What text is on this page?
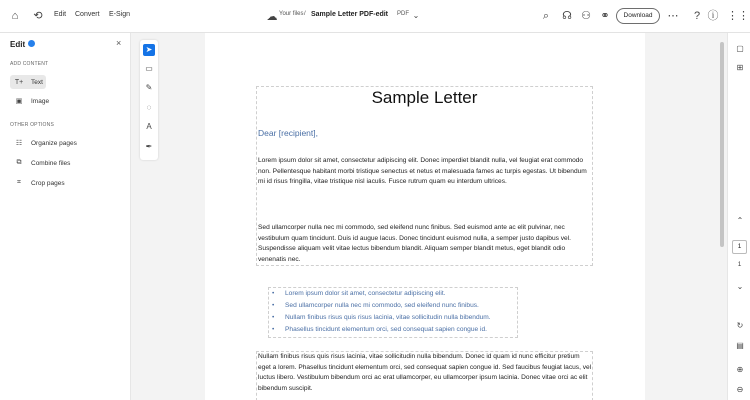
⌂	⟲	Edit Convert E-Sign	☁ Your files / Sample Letter PDF-edit PDF ⌄	⌕	☊ ⚇ ⚭	Download	⋯	? ⓘ ⋮⋮
Edit	×
ADD CONTENT
T+ Text
▣	Image
OTHER OPTIONS
☷	Organize pages
⧉	Combine files
⌗	Crop pages
➤
▭
✎
◌
A
✒
Sample Letter
Dear [recipient],
Lorem ipsum dolor sit amet, consectetur adipiscing elit. Donec imperdiet blandit nulla, vel feugiat erat commodo non. Pellentesque habitant morbi tristique senectus et netus et malesuada fames ac turpis egestas. Ut bibendum mi id risus fringilla, vitae tristique nisl iaculis. Fusce rutrum quam eu interdum ultrices.
Sed ullamcorper nulla nec mi commodo, sed eleifend nunc finibus. Sed euismod ante ac elit pulvinar, nec vestibulum quam tincidunt. Duis id augue lacus. Donec tincidunt euismod nulla, a semper justo dapibus vel. Suspendisse aliquam velit vitae lectus bibendum blandit. Aliquam semper blandit metus, eget blandit odio venenatis nec.
• Lorem ipsum dolor sit amet, consectetur adipiscing elit.
• Sed ullamcorper nulla nec mi commodo, sed eleifend nunc finibus.
• Nullam finibus risus quis risus lacinia, vitae sollicitudin nulla bibendum.
• Phasellus tincidunt elementum orci, sed consequat sapien congue id.
Nullam finibus risus quis risus lacinia, vitae sollicitudin nulla bibendum. Donec id quam id nunc efficitur pretium eget a lorem. Phasellus tincidunt elementum orci, sed consequat sapien congue id. Sed faucibus feugiat lacus, vel luctus libero. Vestibulum bibendum orci ac erat ullamcorper, eu ullamcorper ipsum lacinia. Donec vitae orci ac elit bibendum suscipit.
▢
⊞
⌃
1
1
⌄
↻
▤
⊕
⊖
